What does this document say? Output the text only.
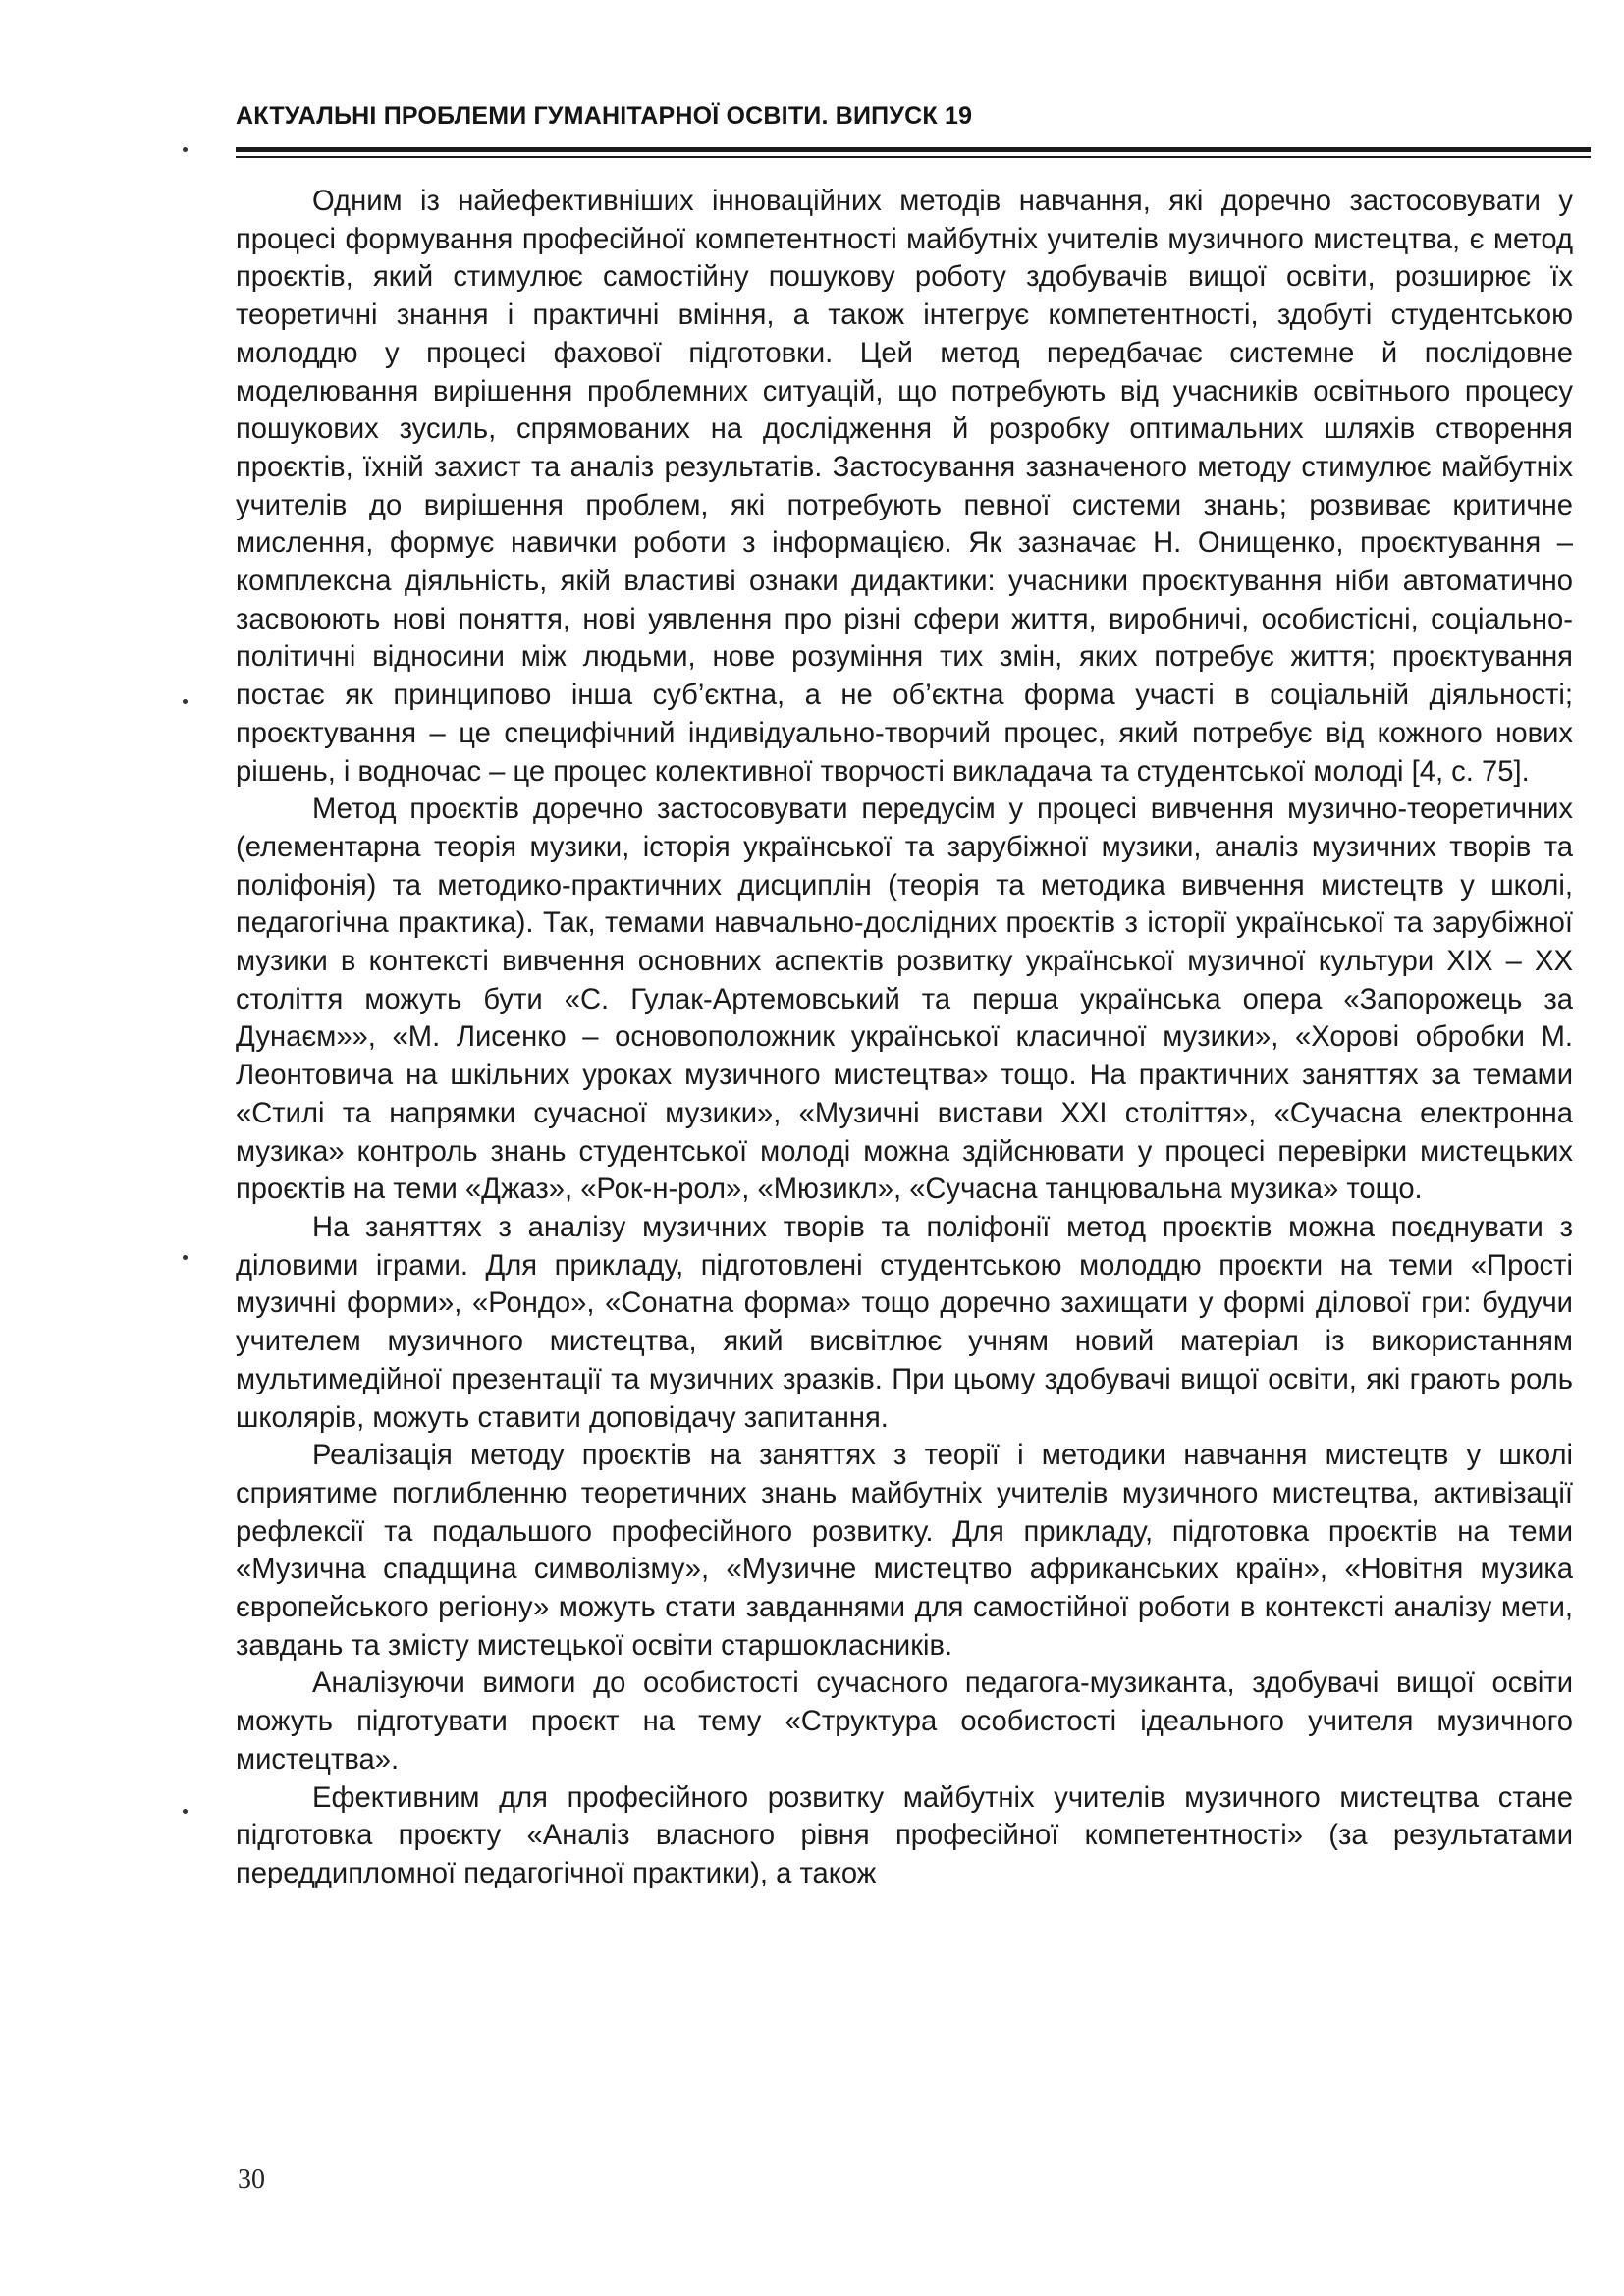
АКТУАЛЬНІ ПРОБЛЕМИ ГУМАНІТАРНОЇ ОСВІТИ. ВИПУСК 19

Одним із найефективніших інноваційних методів навчання, які доречно застосовувати у процесі формування професійної компетентності майбутніх учителів музичного мистецтва, є метод проєктів, який стимулює самостійну пошукову роботу здобувачів вищої освіти, розширює їх теоретичні знання і практичні вміння, а також інтегрує компетентності, здобуті студентською молоддю у процесі фахової підготовки. Цей метод передбачає системне й послідовне моделювання вирішення проблемних ситуацій, що потребують від учасників освітнього процесу пошукових зусиль, спрямованих на дослідження й розробку оптимальних шляхів створення проєктів, їхній захист та аналіз результатів. Застосування зазначеного методу стимулює майбутніх учителів до вирішення проблем, які потребують певної системи знань; розвиває критичне мислення, формує навички роботи з інформацією. Як зазначає Н. Онищенко, проєктування – комплексна діяльність, якій властиві ознаки дидактики: учасники проєктування ніби автоматично засвоюють нові поняття, нові уявлення про різні сфери життя, виробничі, особистісні, соціально-політичні відносини між людьми, нове розуміння тих змін, яких потребує життя; проєктування постає як принципово інша суб’єктна, а не об’єктна форма участі в соціальній діяльності; проєктування – це специфічний індивідуально-творчий процес, який потребує від кожного нових рішень, і водночас – це процес колективної творчості викладача та студентської молоді [4, с. 75].

Метод проєктів доречно застосовувати передусім у процесі вивчення музично-теоретичних (елементарна теорія музики, історія української та зарубіжної музики, аналіз музичних творів та поліфонія) та методико-практичних дисциплін (теорія та методика вивчення мистецтв у школі, педагогічна практика). Так, темами навчально-дослідних проєктів з історії української та зарубіжної музики в контексті вивчення основних аспектів розвитку української музичної культури ХІХ – ХХ століття можуть бути «С. Гулак-Артемовський та перша українська опера «Запорожець за Дунаєм»», «М. Лисенко – основоположник української класичної музики», «Хорові обробки М. Леонтовича на шкільних уроках музичного мистецтва» тощо. На практичних заняттях за темами «Стилі та напрямки сучасної музики», «Музичні вистави ХХІ століття», «Сучасна електронна музика» контроль знань студентської молоді можна здійснювати у процесі перевірки мистецьких проєктів на теми «Джаз», «Рок-н-рол», «Мюзикл», «Сучасна танцювальна музика» тощо.

На заняттях з аналізу музичних творів та поліфонії метод проєктів можна поєднувати з діловими іграми. Для прикладу, підготовлені студентською молоддю проєкти на теми «Прості музичні форми», «Рондо», «Сонатна форма» тощо доречно захищати у формі ділової гри: будучи учителем музичного мистецтва, який висвітлює учням новий матеріал із використанням мультимедійної презентації та музичних зразків. При цьому здобувачі вищої освіти, які грають роль школярів, можуть ставити доповідачу запитання.

Реалізація методу проєктів на заняттях з теорії і методики навчання мистецтв у школі сприятиме поглибленню теоретичних знань майбутніх учителів музичного мистецтва, активізації рефлексії та подальшого професійного розвитку. Для прикладу, підготовка проєктів на теми «Музична спадщина символізму», «Музичне мистецтво африканських країн», «Новітня музика європейського регіону» можуть стати завданнями для самостійної роботи в контексті аналізу мети, завдань та змісту мистецької освіти старшокласників.

Аналізуючи вимоги до особистості сучасного педагога-музиканта, здобувачі вищої освіти можуть підготувати проєкт на тему «Структура особистості ідеального учителя музичного мистецтва».

Ефективним для професійного розвитку майбутніх учителів музичного мистецтва стане підготовка проєкту «Аналіз власного рівня професійної компетентності» (за результатами переддипломної педагогічної практики), а також

30
